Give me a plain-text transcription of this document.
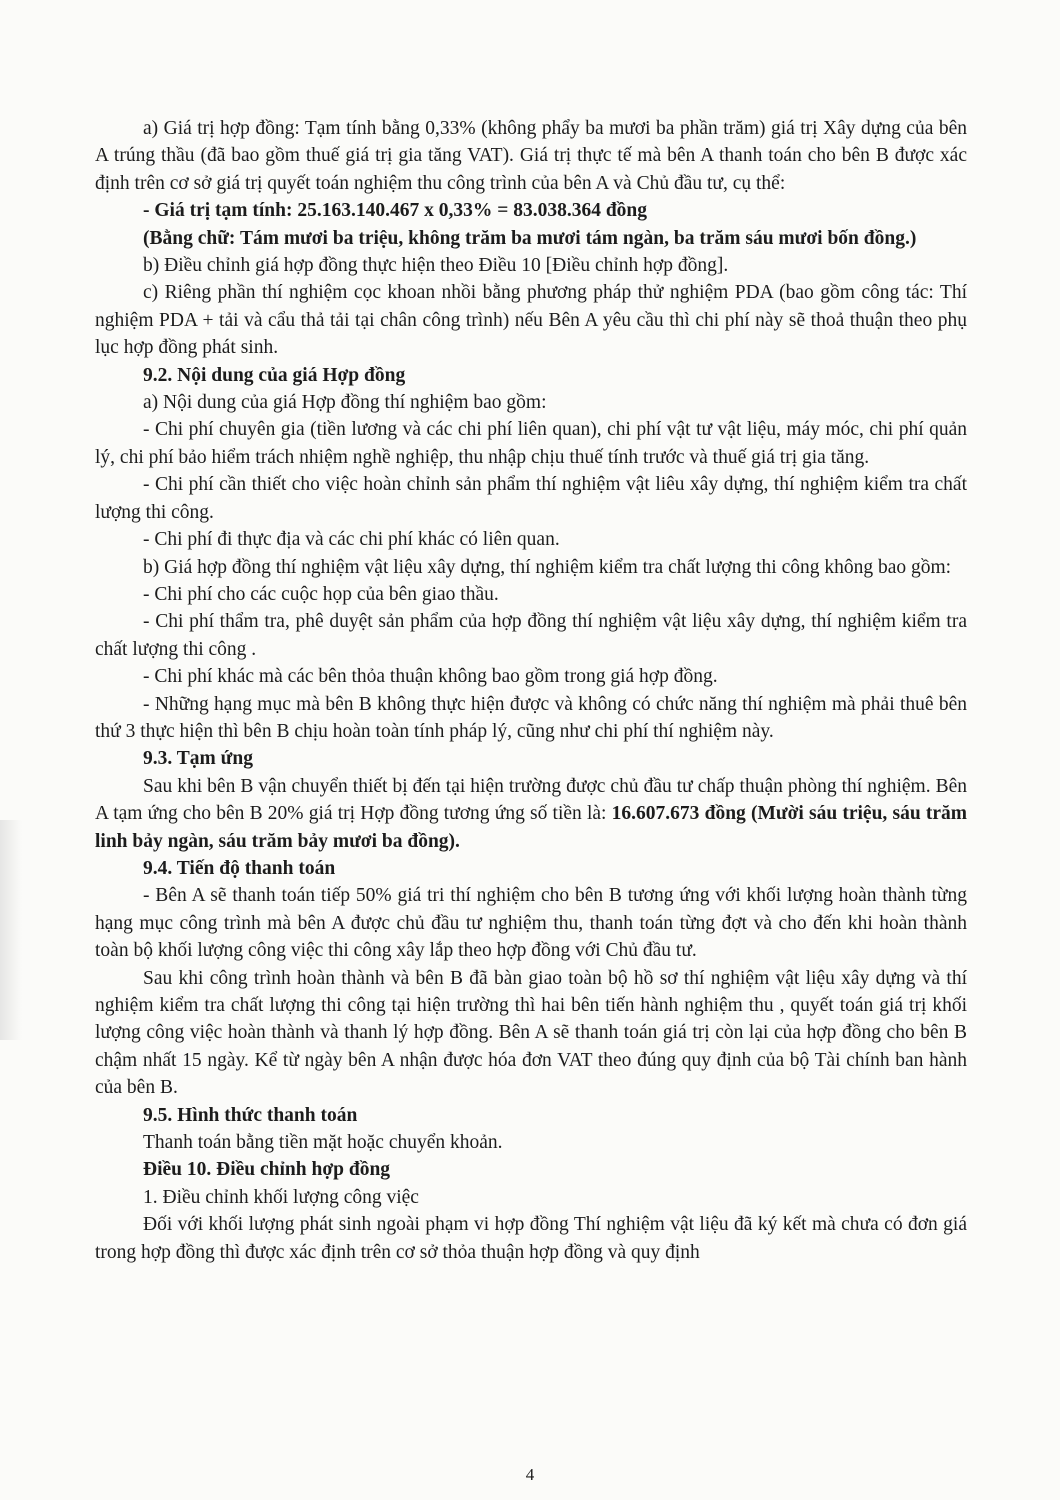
a) Giá trị hợp đồng: Tạm tính bằng 0,33% (không phẩy ba mươi ba phần trăm) giá trị Xây dựng của bên A trúng thầu (đã bao gồm thuế giá trị gia tăng VAT). Giá trị thực tế mà bên A thanh toán cho bên B được xác định trên cơ sở giá trị quyết toán nghiệm thu công trình của bên A và Chủ đầu tư, cụ thể:

- Giá trị tạm tính: 25.163.140.467 x 0,33% = 83.038.364 đồng

(Bằng chữ: Tám mươi ba triệu, không trăm ba mươi tám ngàn, ba trăm sáu mươi bốn đồng.)

b) Điều chỉnh giá hợp đồng thực hiện theo Điều 10 [Điều chỉnh hợp đồng].

c) Riêng phần thí nghiệm cọc khoan nhồi bằng phương pháp thử nghiệm PDA (bao gồm công tác: Thí nghiệm PDA + tải và cẩu thả tải tại chân công trình) nếu Bên A yêu cầu thì chi phí này sẽ thoả thuận theo phụ lục hợp đồng phát sinh.

9.2. Nội dung của giá Hợp đồng

a) Nội dung của giá Hợp đồng thí nghiệm bao gồm:

- Chi phí chuyên gia (tiền lương và các chi phí liên quan), chi phí vật tư vật liệu, máy móc, chi phí quản lý, chi phí bảo hiểm trách nhiệm nghề nghiệp, thu nhập chịu thuế tính trước và thuế giá trị gia tăng.

- Chi phí cần thiết cho việc hoàn chỉnh sản phẩm thí nghiệm vật liêu xây dựng, thí nghiệm kiểm tra chất lượng thi công.

- Chi phí đi thực địa và các chi phí khác có liên quan.

b) Giá hợp đồng thí nghiệm vật liệu xây dựng, thí nghiệm kiểm tra chất lượng thi công không bao gồm:

- Chi phí cho các cuộc họp của bên giao thầu.

- Chi phí thẩm tra, phê duyệt sản phẩm của hợp đồng thí nghiệm vật liệu xây dựng, thí nghiệm kiểm tra chất lượng thi công .

- Chi phí khác mà các bên thỏa thuận không bao gồm trong giá hợp đồng.

- Những hạng mục mà bên B không thực hiện được và không có chức năng thí nghiệm mà phải thuê bên thứ 3 thực hiện thì bên B chịu hoàn toàn tính pháp lý, cũng như chi phí thí nghiệm này.

9.3. Tạm ứng

Sau khi bên B vận chuyển thiết bị đến tại hiện trường được chủ đầu tư chấp thuận phòng thí nghiệm. Bên A tạm ứng cho bên B 20% giá trị Hợp đồng tương ứng số tiền là: 16.607.673 đồng (Mười sáu triệu, sáu trăm linh bảy ngàn, sáu trăm bảy mươi ba đồng).

9.4. Tiến độ thanh toán

- Bên A sẽ thanh toán tiếp 50% giá tri thí nghiệm cho bên B tương ứng với khối lượng hoàn thành từng hạng mục công trình mà bên A được chủ đầu tư nghiệm thu, thanh toán từng đợt và cho đến khi hoàn thành toàn bộ khối lượng công việc thi công xây lắp theo hợp đồng với Chủ đầu tư.

Sau khi công trình hoàn thành và bên B đã bàn giao toàn bộ hồ sơ thí nghiệm vật liệu xây dựng và thí nghiệm kiểm tra chất lượng thi công tại hiện trường thì hai bên tiến hành nghiệm thu , quyết toán giá trị khối lượng công việc hoàn thành và thanh lý hợp đồng. Bên A sẽ thanh toán giá trị còn lại của hợp đồng cho bên B chậm nhất 15 ngày. Kể từ ngày bên A nhận được hóa đơn VAT theo đúng quy định của bộ Tài chính ban hành của bên B.

9.5. Hình thức thanh toán

Thanh toán bằng tiền mặt hoặc chuyển khoản.

Điều 10. Điều chỉnh hợp đồng

1. Điều chỉnh khối lượng công việc

Đối với khối lượng phát sinh ngoài phạm vi hợp đồng Thí nghiệm vật liệu đã ký kết mà chưa có đơn giá trong hợp đồng thì được xác định trên cơ sở thỏa thuận hợp đồng và quy định

4
